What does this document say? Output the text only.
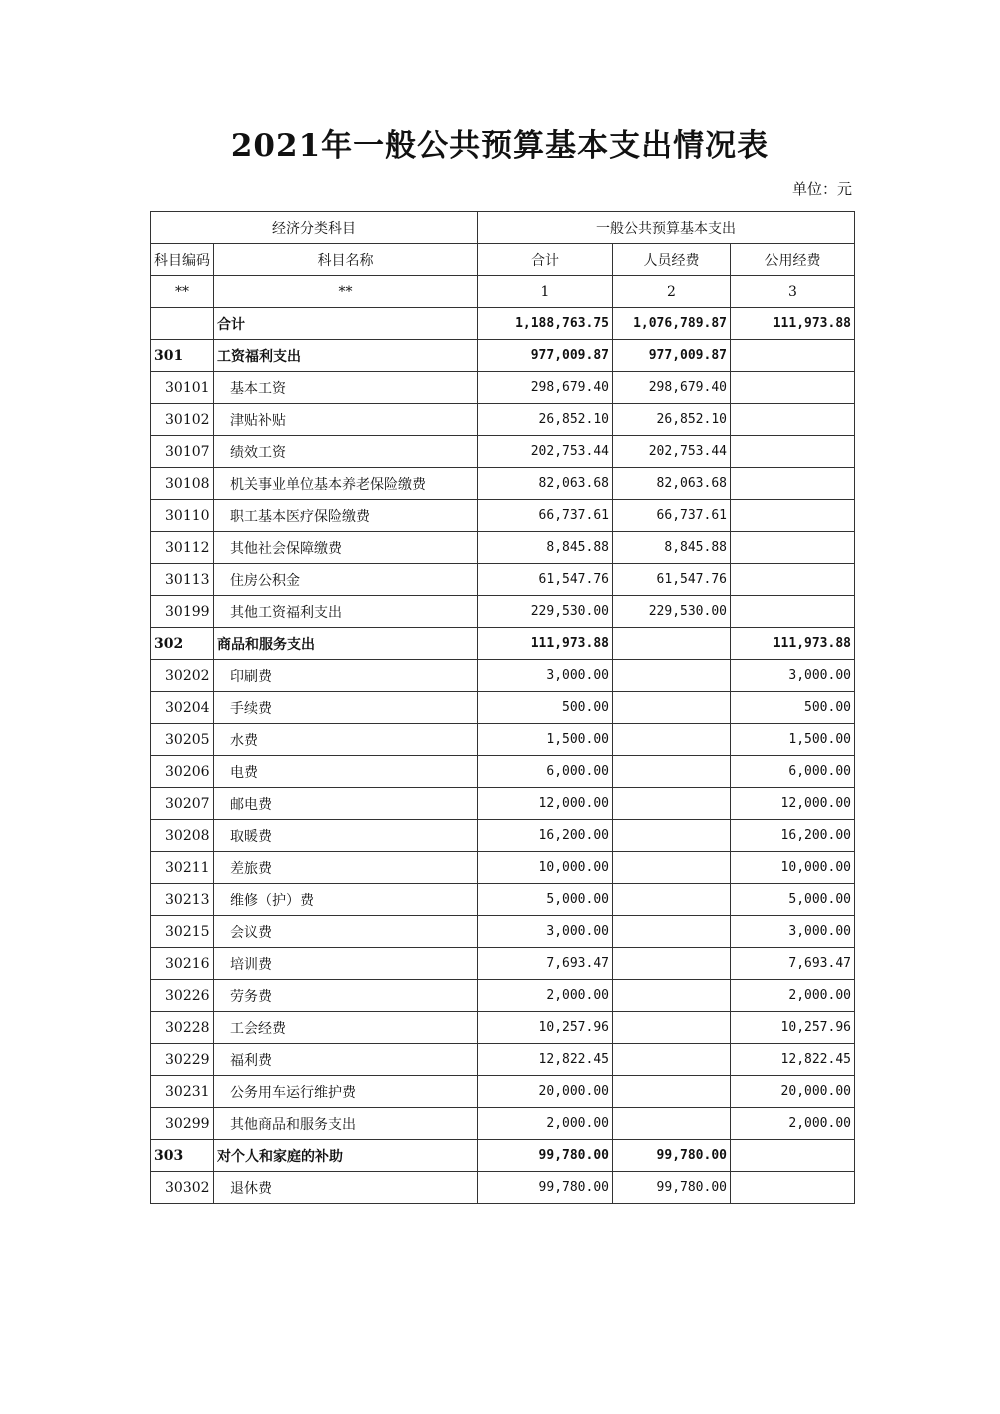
2021年一般公共预算基本支出情况表
单位：元
经济分类科目		一般公共预算基本支出		
科目编码	科目名称	合计	人员经费	公用经费
**	**	1	2	3
	合计	1,188,763.75	1,076,789.87	111,973.88
301	工资福利支出	977,009.87	977,009.87	
30101	基本工资	298,679.40	298,679.40	
30102	津贴补贴	26,852.10	26,852.10	
30107	绩效工资	202,753.44	202,753.44	
30108	机关事业单位基本养老保险缴费	82,063.68	82,063.68	
30110	职工基本医疗保险缴费	66,737.61	66,737.61	
30112	其他社会保障缴费	8,845.88	8,845.88	
30113	住房公积金	61,547.76	61,547.76	
30199	其他工资福利支出	229,530.00	229,530.00	
302	商品和服务支出	111,973.88		111,973.88
30202	印刷费	3,000.00		3,000.00
30204	手续费	500.00		500.00
30205	水费	1,500.00		1,500.00
30206	电费	6,000.00		6,000.00
30207	邮电费	12,000.00		12,000.00
30208	取暖费	16,200.00		16,200.00
30211	差旅费	10,000.00		10,000.00
30213	维修（护）费	5,000.00		5,000.00
30215	会议费	3,000.00		3,000.00
30216	培训费	7,693.47		7,693.47
30226	劳务费	2,000.00		2,000.00
30228	工会经费	10,257.96		10,257.96
30229	福利费	12,822.45		12,822.45
30231	公务用车运行维护费	20,000.00		20,000.00
30299	其他商品和服务支出	2,000.00		2,000.00
303	对个人和家庭的补助	99,780.00	99,780.00	
30302	退休费	99,780.00	99,780.00	
